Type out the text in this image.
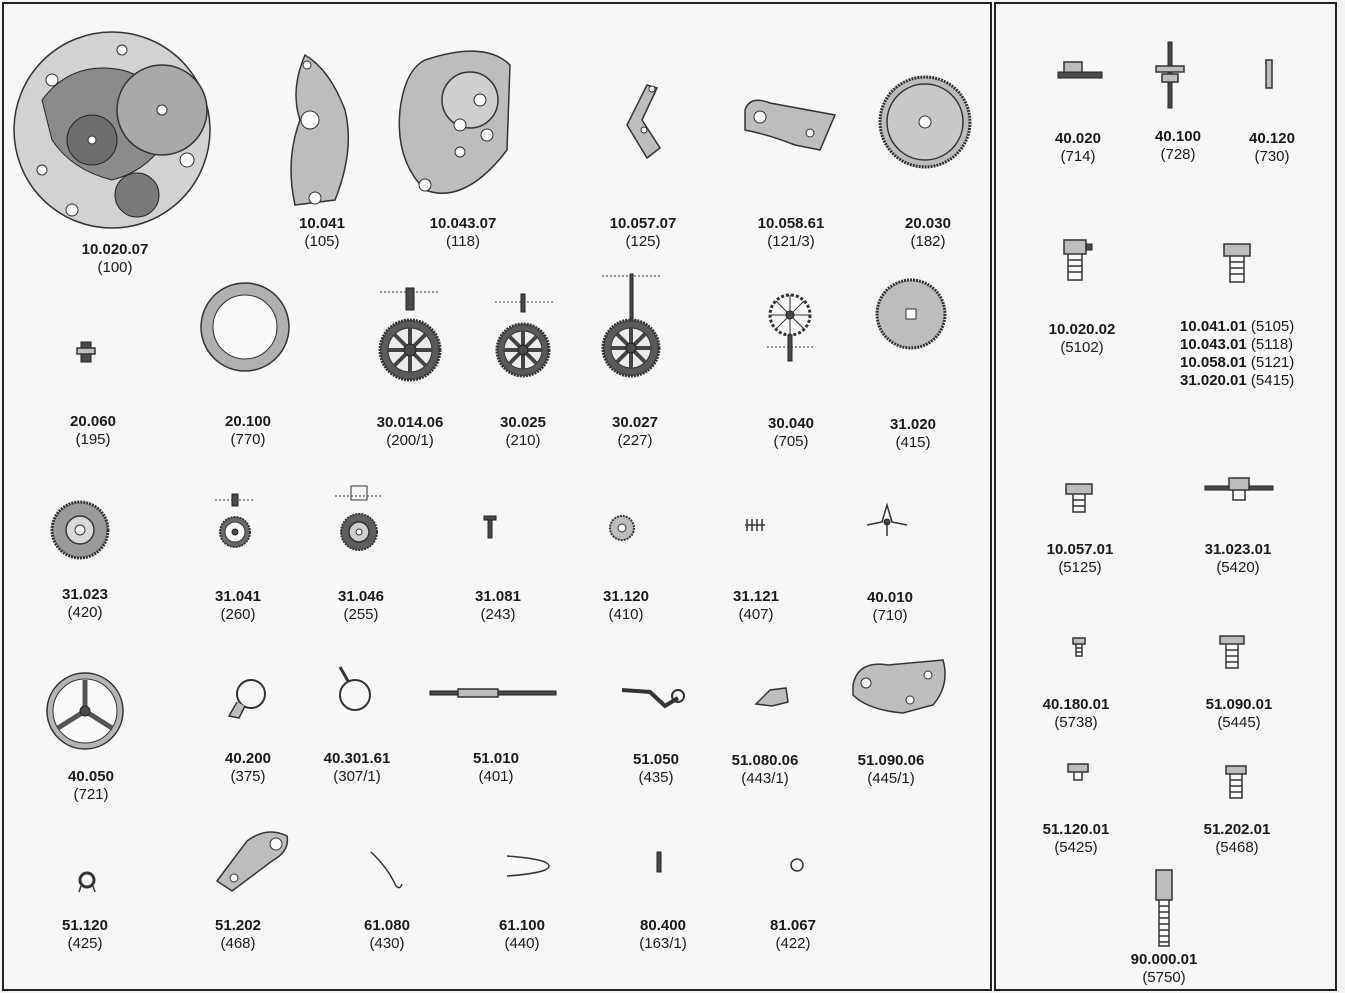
10.020.07
(100)
10.041
(105)
10.043.07
(118)
10.057.07
(125)
10.058.61
(121/3)
20.030
(182)
20.060
(195)
20.100
(770)
30.014.06
(200/1)
30.025
(210)
30.027
(227)
30.040
(705)
31.020
(415)
31.023
(420)
31.041
(260)
31.046
(255)
31.081
(243)
31.120
(410)
31.121
(407)
40.010
(710)
40.050
(721)
40.200
(375)
40.301.61
(307/1)
51.010
(401)
51.050
(435)
51.080.06
(443/1)
51.090.06
(445/1)
51.120
(425)
51.202
(468)
61.080
(430)
61.100
(440)
80.400
(163/1)
81.067
(422)
40.020
(714)
40.100
(728)
40.120
(730)
10.020.02
(5102)
10.041.01 (5105)
10.043.01 (5118)
10.058.01 (5121)
31.020.01 (5415)
10.057.01
(5125)
31.023.01
(5420)
40.180.01
(5738)
51.090.01
(5445)
51.120.01
(5425)
51.202.01
(5468)
90.000.01
(5750)
